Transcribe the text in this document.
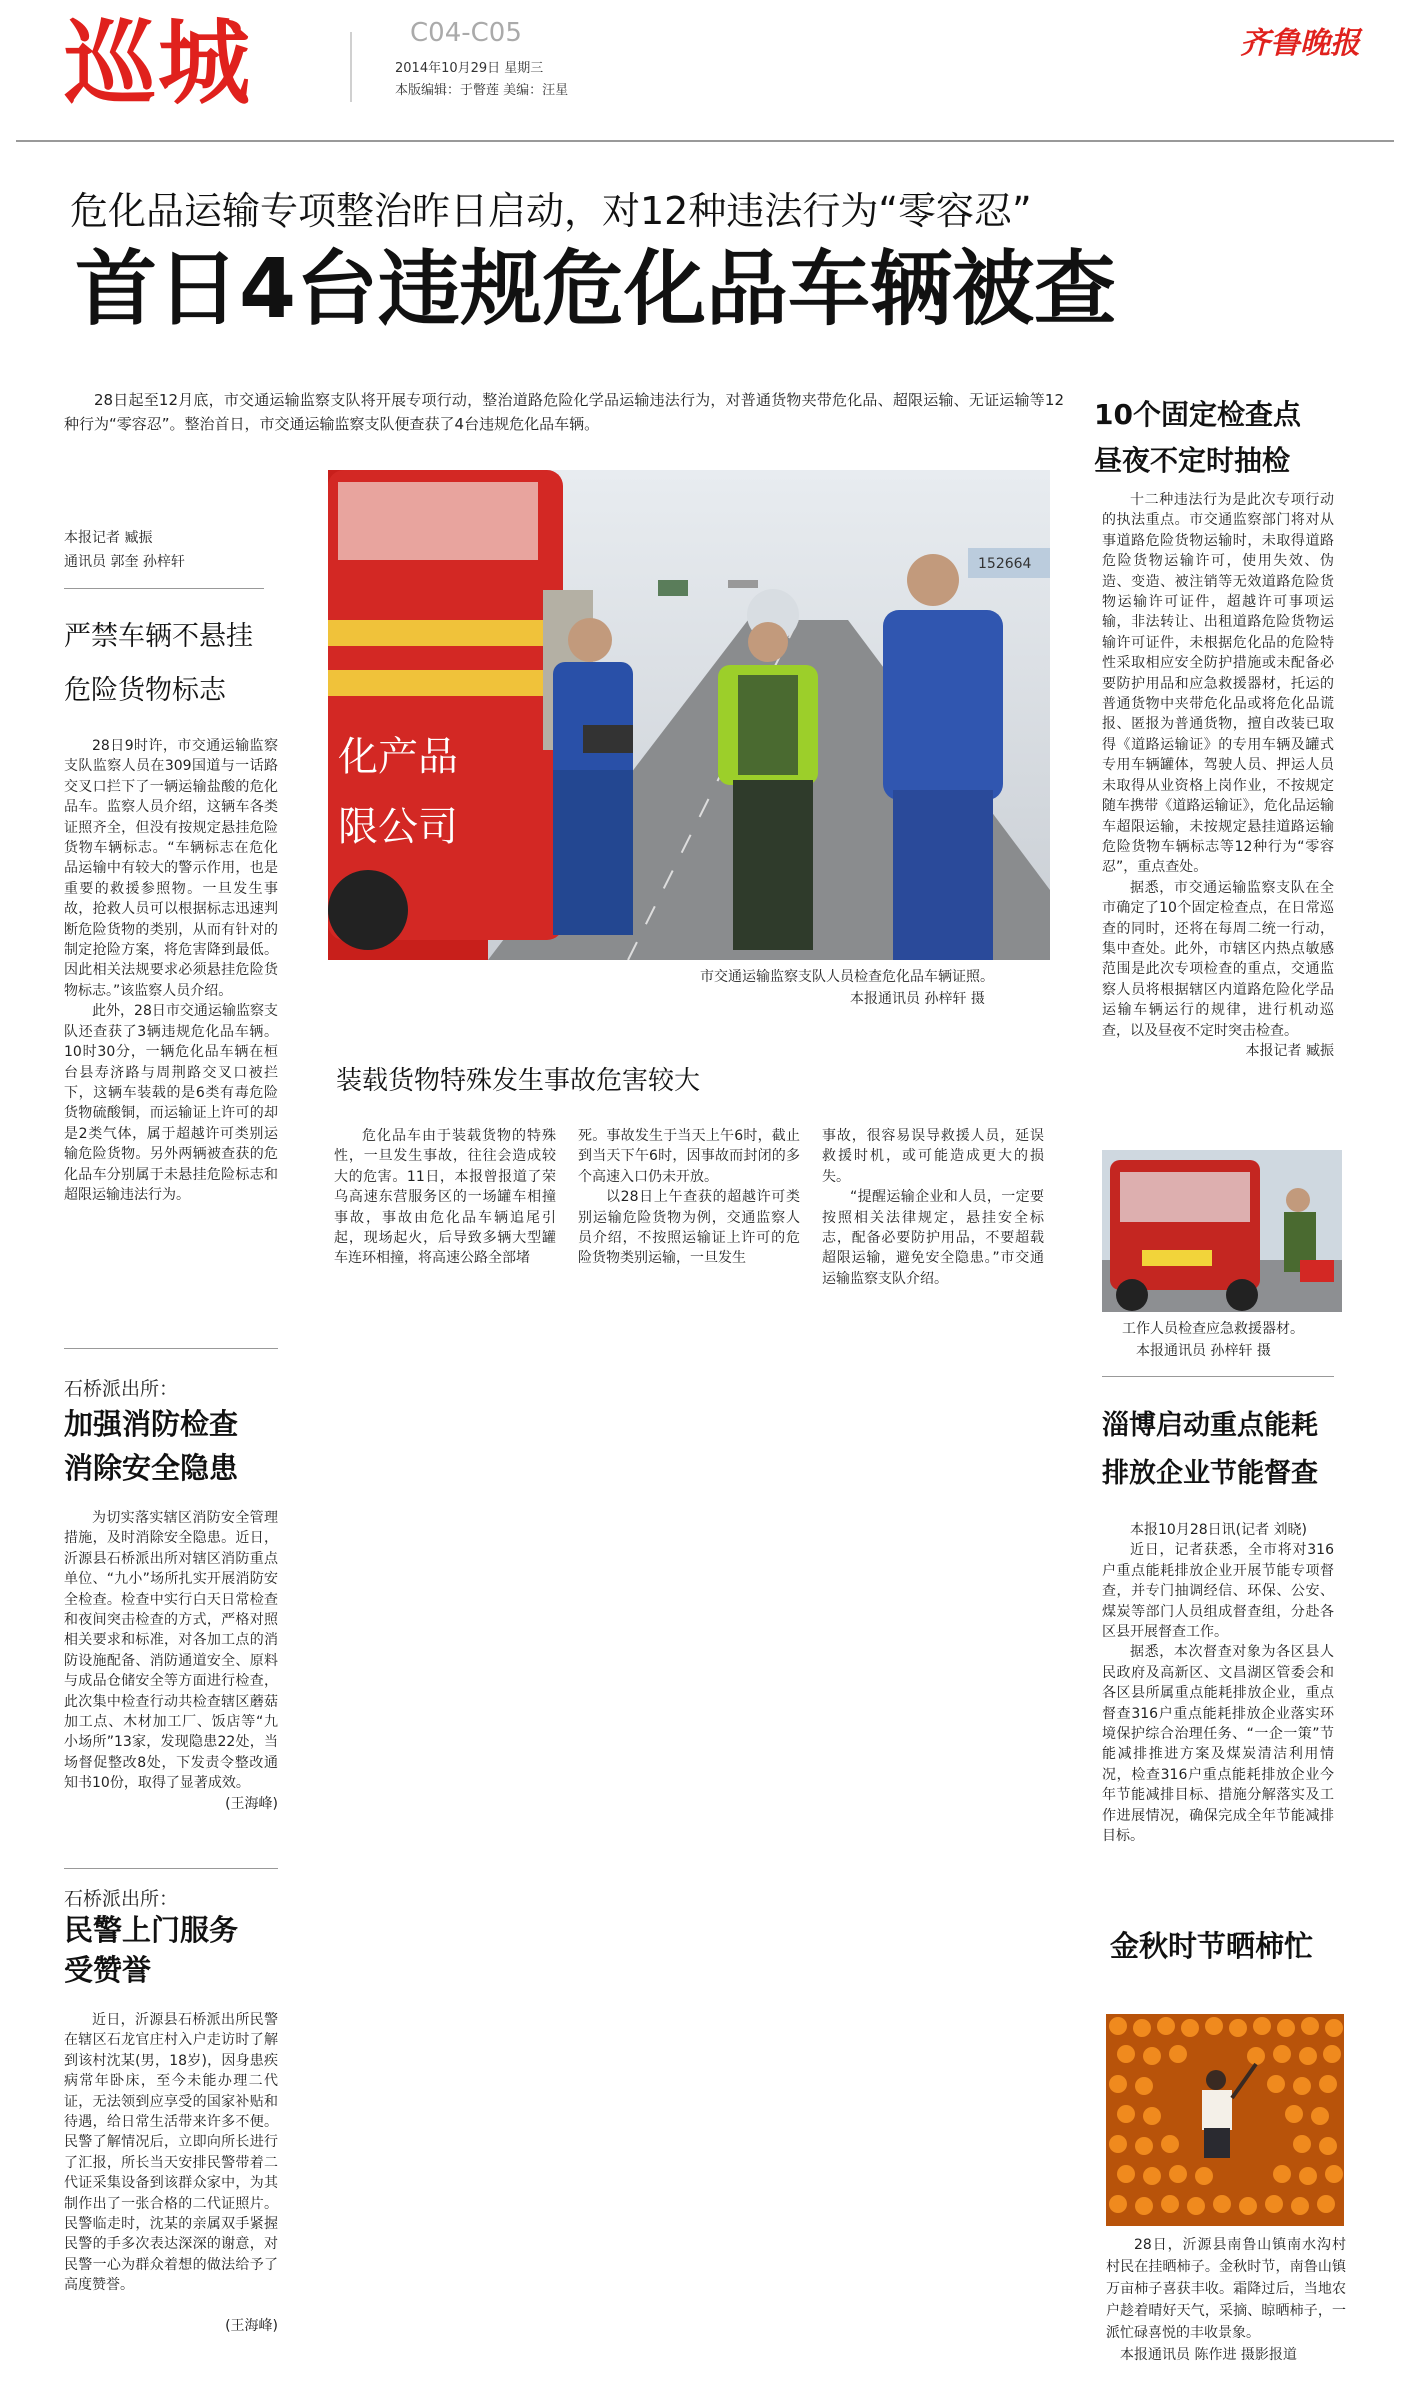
巡城	C04-C05
2014年10月29日 星期三
本版编辑：于瞥莲 美编：汪星
齐鲁晚报
危化品运输专项整治昨日启动，对12种违法行为“零容忍”
首日4台违规危化品车辆被查

28日起至12月底，市交通运输监察支队将开展专项行动，整治道路危险化学品运输违法行为，对普通货物夹带危化品、超限运输、无证运输等12种行为“零容忍”。整治首日，市交通运输监察支队便查获了4台违规危化品车辆。

本报记者 臧振
通讯员 郭奎 孙梓轩
严禁车辆不悬挂
危险货物标志

28日9时许，市交通运输监察支队监察人员在309国道与一话路交叉口拦下了一辆运输盐酸的危化品车。监察人员介绍，这辆车各类证照齐全，但没有按规定悬挂危险货物车辆标志。“车辆标志在危化品运输中有较大的警示作用，也是重要的救援参照物。一旦发生事故，抢救人员可以根据标志迅速判断危险货物的类别，从而有针对的制定抢险方案，将危害降到最低。因此相关法规要求必须悬挂危险货物标志。”该监察人员介绍。

此外，28日市交通运输监察支队还查获了3辆违规危化品车辆。10时30分，一辆危化品车辆在桓台县寿济路与周荆路交叉口被拦下，这辆车装载的是6类有毒危险货物硫酸铜，而运输证上许可的却是2类气体，属于超越许可类别运输危险货物。另外两辆被查获的危化品车分别属于未悬挂危险标志和超限运输违法行为。

152664
化产品
限公司
市交通运输监察支队人员检查危化品车辆证照。
本报通讯员 孙梓轩 摄
装载货物特殊发生事故危害较大

危化品车由于装载货物的特殊性，一旦发生事故，往往会造成较大的危害。11日，本报曾报道了荣乌高速东营服务区的一场罐车相撞事故，事故由危化品车辆追尾引起，现场起火，后导致多辆大型罐车连环相撞，将高速公路全部堵

死。事故发生于当天上午6时，截止到当天下午6时，因事故而封闭的多个高速入口仍未开放。

以28日上午查获的超越许可类别运输危险货物为例，交通监察人员介绍，不按照运输证上许可的危险货物类别运输，一旦发生

事故，很容易误导救援人员，延误救援时机，或可能造成更大的损失。

“提醒运输企业和人员，一定要按照相关法律规定，悬挂安全标志，配备必要防护用品，不要超载超限运输，避免安全隐患。”市交通运输监察支队介绍。

10个固定检查点
昼夜不定时抽检

十二种违法行为是此次专项行动的执法重点。市交通监察部门将对从事道路危险货物运输时，未取得道路危险货物运输许可，使用失效、伪造、变造、被注销等无效道路危险货物运输许可证件，超越许可事项运输，非法转让、出租道路危险货物运输许可证件，未根据危化品的危险特性采取相应安全防护措施或未配备必要防护用品和应急救援器材，托运的普通货物中夹带危化品或将危化品谎报、匿报为普通货物，擅自改装已取得《道路运输证》的专用车辆及罐式专用车辆罐体，驾驶人员、押运人员未取得从业资格上岗作业，不按规定随车携带《道路运输证》，危化品运输车超限运输，未按规定悬挂道路运输危险货物车辆标志等12种行为“零容忍”，重点查处。

据悉，市交通运输监察支队在全市确定了10个固定检查点，在日常巡查的同时，还将在每周二统一行动，集中查处。此外，市辖区内热点敏感范围是此次专项检查的重点，交通监察人员将根据辖区内道路危险化学品运输车辆运行的规律，进行机动巡查，以及昼夜不定时突击检查。

本报记者 臧振
工作人员检查应急救援器材。
本报通讯员 孙梓轩 摄
淄博启动重点能耗
排放企业节能督查

本报10月28日讯(记者 刘晓)

近日，记者获悉，全市将对316户重点能耗排放企业开展节能专项督查，并专门抽调经信、环保、公安、煤炭等部门人员组成督查组，分赴各区县开展督查工作。

据悉，本次督查对象为各区县人民政府及高新区、文昌湖区管委会和各区县所属重点能耗排放企业，重点督查316户重点能耗排放企业落实环境保护综合治理任务、“一企一策”节能减排推进方案及煤炭清洁利用情况，检查316户重点能耗排放企业今年节能减排目标、措施分解落实及工作进展情况，确保完成全年节能减排目标。

金秋时节晒柿忙

28日，沂源县南鲁山镇南水沟村村民在挂晒柿子。金秋时节，南鲁山镇万亩柿子喜获丰收。霜降过后，当地农户趁着晴好天气，采摘、晾晒柿子，一派忙碌喜悦的丰收景象。

本报通讯员 陈作进 摄影报道

石桥派出所：
加强消防检查
消除安全隐患

为切实落实辖区消防安全管理措施，及时消除安全隐患。近日，沂源县石桥派出所对辖区消防重点单位、“九小”场所扎实开展消防安全检查。检查中实行白天日常检查和夜间突击检查的方式，严格对照相关要求和标准，对各加工点的消防设施配备、消防通道安全、原料与成品仓储安全等方面进行检查，此次集中检查行动共检查辖区蘑菇加工点、木材加工厂、饭店等“九小场所”13家，发现隐患22处，当场督促整改8处，下发责令整改通知书10份，取得了显著成效。

(王海峰)
石桥派出所：
民警上门服务
受赞誉

近日，沂源县石桥派出所民警在辖区石龙官庄村入户走访时了解到该村沈某(男，18岁)，因身患疾病常年卧床，至今未能办理二代证，无法领到应享受的国家补贴和待遇，给日常生活带来许多不便。民警了解情况后，立即向所长进行了汇报，所长当天安排民警带着二代证采集设备到该群众家中，为其制作出了一张合格的二代证照片。民警临走时，沈某的亲属双手紧握民警的手多次表达深深的谢意，对民警一心为群众着想的做法给予了高度赞誉。

(王海峰)
